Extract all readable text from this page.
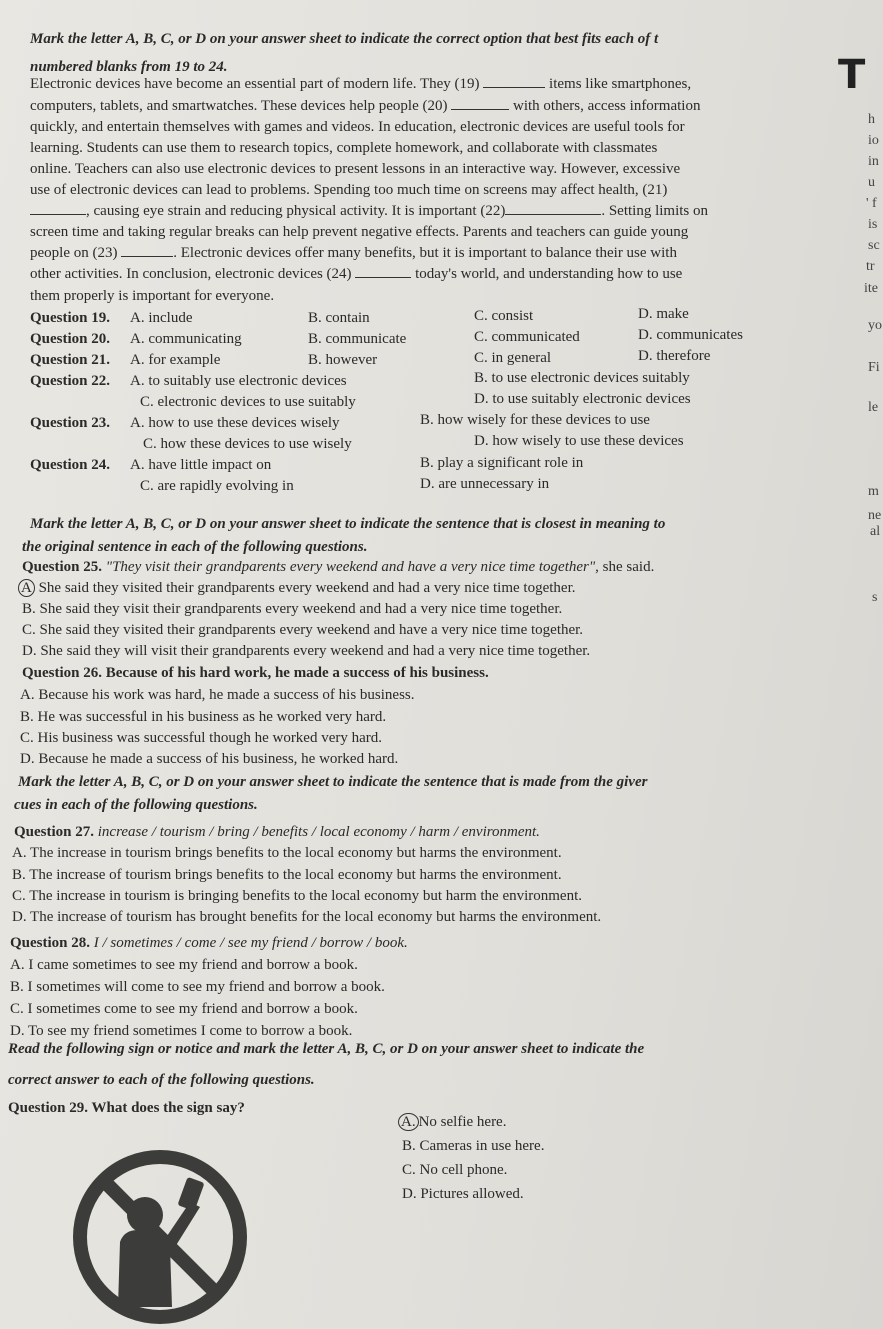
Mark the letter A, B, C, or D on your answer sheet to indicate the correct option that best fits each of t
numbered blanks from 19 to 24.
Electronic devices have become an essential part of modern life. They (19)	items like smartphones,
computers, tablets, and smartwatches. These devices help people (20)	with others, access information
quickly, and entertain themselves with games and videos. In education, electronic devices are useful tools for
learning. Students can use them to research topics, complete homework, and collaborate with classmates
online. Teachers can also use electronic devices to present lessons in an interactive way. However, excessive
use of electronic devices can lead to problems. Spending too much time on screens may affect health, (21)
, causing eye strain and reducing physical activity. It is important (22)	. Setting limits on
screen time and taking regular breaks can help prevent negative effects. Parents and teachers can guide young
people on (23)	. Electronic devices offer many benefits, but it is important to balance their use with
other activities. In conclusion, electronic devices (24)	today's world, and understanding how to use
them properly is important for everyone.
Question 19. A. include	B. contain	C. consist	D. make
Question 20. A. communicating	B. communicate	C. communicated	D. communicates
Question 21. A. for example	B. however	C. in general	D. therefore
Question 22. A. to suitably use electronic devices	B. to use electronic devices suitably
C. electronic devices to use suitably	D. to use suitably electronic devices
Question 23. A. how to use these devices wisely	B. how wisely for these devices to use
C. how these devices to use wisely	D. how wisely to use these devices
Question 24. A. have little impact on	B. play a significant role in
C. are rapidly evolving in	D. are unnecessary in
Mark the letter A, B, C, or D on your answer sheet to indicate the sentence that is closest in meaning to
the original sentence in each of the following questions.
Question 25. "They visit their grandparents every weekend and have a very nice time together", she said.
A She said they visited their grandparents every weekend and had a very nice time together.
B. She said they visit their grandparents every weekend and had a very nice time together.
C. She said they visited their grandparents every weekend and have a very nice time together.
D. She said they will visit their grandparents every weekend and had a very nice time together.
Question 26. Because of his hard work, he made a success of his business.
A. Because his work was hard, he made a success of his business.
B. He was successful in his business as he worked very hard.
C. His business was successful though he worked very hard.
D. Because he made a success of his business, he worked hard.
Mark the letter A, B, C, or D on your answer sheet to indicate the sentence that is made from the giver
cues in each of the following questions.
Question 27. increase / tourism / bring / benefits / local economy / harm / environment.
A. The increase in tourism brings benefits to the local economy but harms the environment.
B. The increase of tourism brings benefits to the local economy but harms the environment.
C. The increase in tourism is bringing benefits to the local economy but harm the environment.
D. The increase of tourism has brought benefits for the local economy but harms the environment.
Question 28. I / sometimes / come / see my friend / borrow / book.
A. I came sometimes to see my friend and borrow a book.
B. I sometimes will come to see my friend and borrow a book.
C. I sometimes come to see my friend and borrow a book.
D. To see my friend sometimes I come to borrow a book.
Read the following sign or notice and mark the letter A, B, C, or D on your answer sheet to indicate the
correct answer to each of the following questions.
Question 29. What does the sign say?
A. No selfie here.
B. Cameras in use here.
C. No cell phone.
D. Pictures allowed.
T
h
io
in
u
' f
is
sc
tr
ite
yo
Fi
le
m
ne
al
s
